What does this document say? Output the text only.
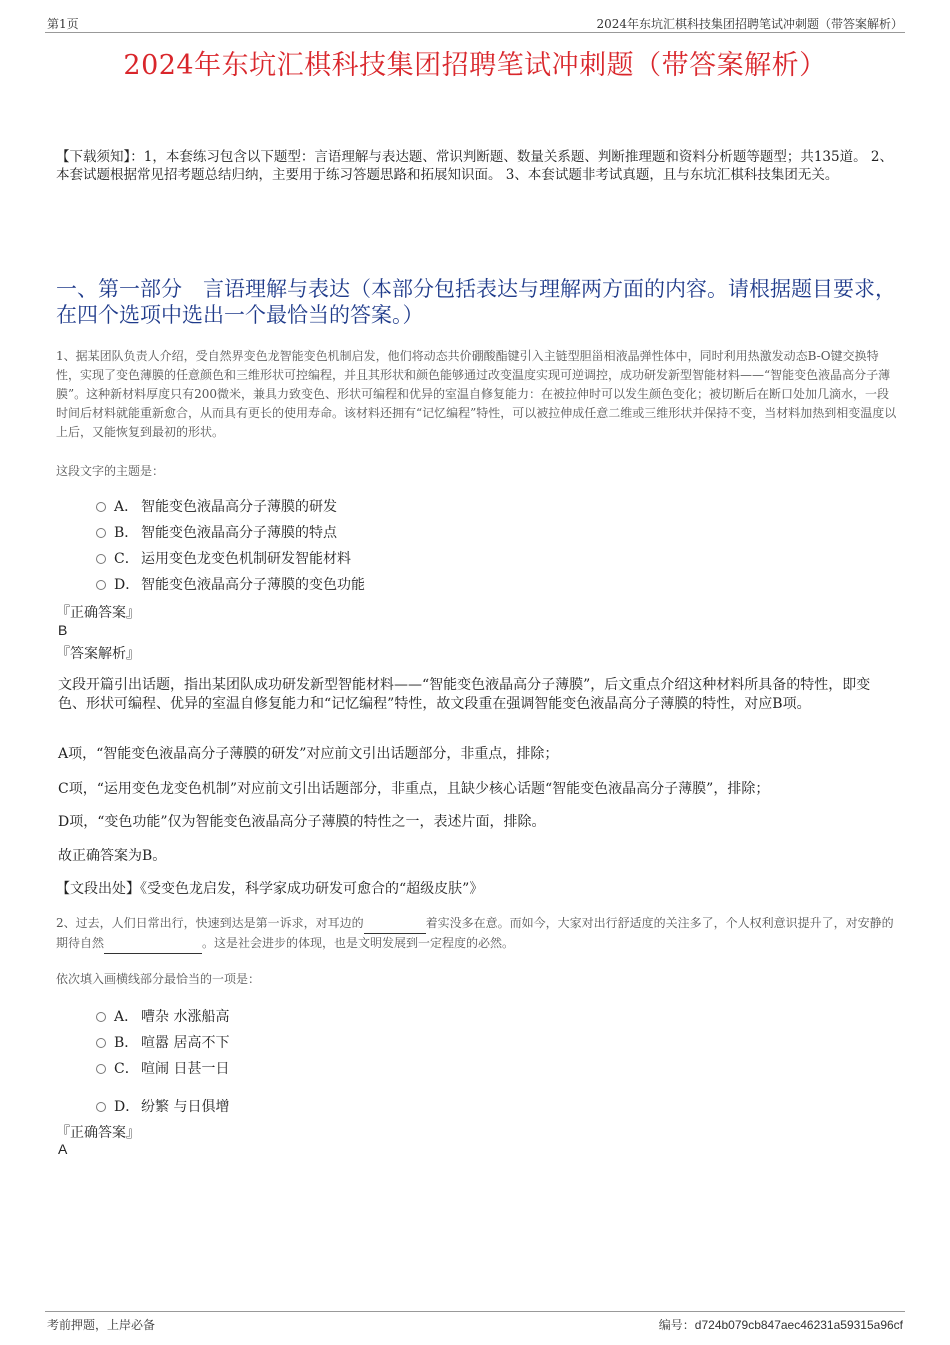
第1页	2024年东坑汇棋科技集团招聘笔试冲刺题（带答案解析）
2024年东坑汇棋科技集团招聘笔试冲刺题（带答案解析）
【下载须知】：1，本套练习包含以下题型：言语理解与表达题、常识判断题、数量关系题、判断推理题和资料分析题等题型；共135道。 2、本套试题根据常见招考题总结归纳，主要用于练习答题思路和拓展知识面。 3、本套试题非考试真题，且与东坑汇棋科技集团无关。
一、第一部分　言语理解与表达（本部分包括表达与理解两方面的内容。请根据题目要求，在四个选项中选出一个最恰当的答案。）
1、据某团队负责人介绍，受自然界变色龙智能变色机制启发，他们将动态共价硼酸酯键引入主链型胆甾相液晶弹性体中，同时利用热激发动态B-O键交换特性，实现了变色薄膜的任意颜色和三维形状可控编程，并且其形状和颜色能够通过改变温度实现可逆调控，成功研发新型智能材料——“智能变色液晶高分子薄膜”。这种新材料厚度只有200微米，兼具力致变色、形状可编程和优异的室温自修复能力：在被拉伸时可以发生颜色变化；被切断后在断口处加几滴水，一段时间后材料就能重新愈合，从而具有更长的使用寿命。该材料还拥有“记忆编程”特性，可以被拉伸成任意二维或三维形状并保持不变，当材料加热到相变温度以上后，又能恢复到最初的形状。
这段文字的主题是：
A． 智能变色液晶高分子薄膜的研发
B． 智能变色液晶高分子薄膜的特点
C． 运用变色龙变色机制研发智能材料
D． 智能变色液晶高分子薄膜的变色功能
『正确答案』
B
『答案解析』
文段开篇引出话题，指出某团队成功研发新型智能材料——“智能变色液晶高分子薄膜”，后文重点介绍这种材料所具备的特性，即变色、形状可编程、优异的室温自修复能力和“记忆编程”特性，故文段重在强调智能变色液晶高分子薄膜的特性，对应B项。
A项，“智能变色液晶高分子薄膜的研发”对应前文引出话题部分，非重点，排除；
C项，“运用变色龙变色机制”对应前文引出话题部分，非重点，且缺少核心话题“智能变色液晶高分子薄膜”，排除；
D项，“变色功能”仅为智能变色液晶高分子薄膜的特性之一，表述片面，排除。
故正确答案为B。
【文段出处】《受变色龙启发，科学家成功研发可愈合的“超级皮肤”》
2、过去，人们日常出行，快速到达是第一诉求，对耳边的	着实没多在意。而如今，大家对出行舒适度的关注多了，个人权利意识提升了，对安静的期待自然	。这是社会进步的体现，也是文明发展到一定程度的必然。
依次填入画横线部分最恰当的一项是：
A． 嘈杂 水涨船高
B． 喧嚣 居高不下
C． 喧闹 日甚一日
D． 纷繁 与日俱增
『正确答案』
A
考前押题，上岸必备	编号：d724b079cb847aec46231a59315a96cf
